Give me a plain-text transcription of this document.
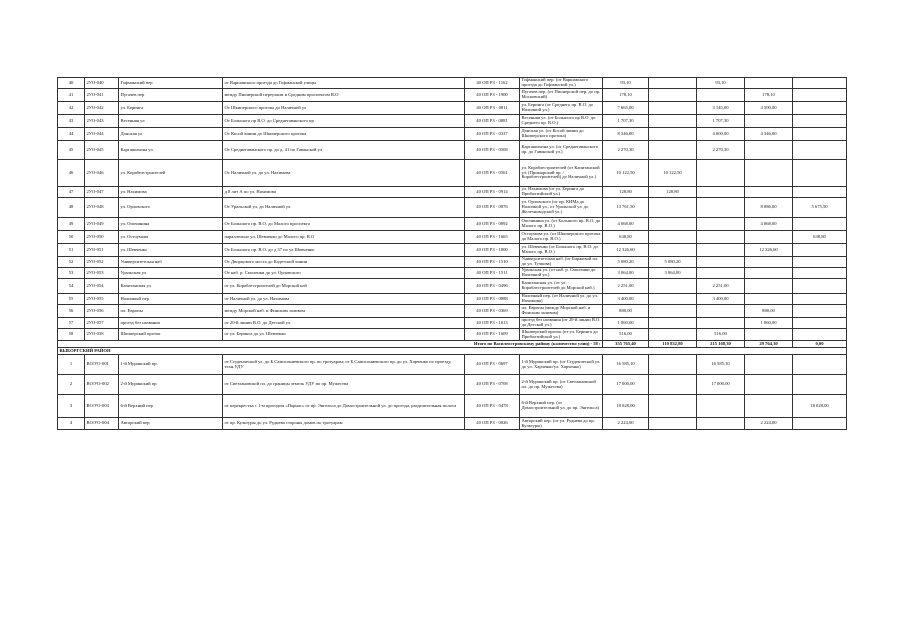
40	2УО-040	Гофманский пер	от Варшавского проезда до Гофманской улицы	40 ОП РЗ - 1162	Гофманский пер. (от Варшавского проезда до Гофманской ул.)	93,10		93,10		
41	2УО-041	Пугачев пер	между Пионерской переулком и Средним проспектом В.О	40 ОП РЗ - 1900	Пугачев пер. (от Пионерской пер. до пр. Московский)	178,10			178,10	
42	2УО-042	ул. Беринга	От Шкиперского протока до Наличной ул	40 ОП РЗ - 0811	ул. Беринга (от Среднего пр. В.О. до Наличной ул.)	7 665,00		3 145,00	4 500,00	
43	2УО-043	Весенняя ул	От Большого пр В.О. до Среднегаванского пр	40 ОП РЗ - 0881	Весенняя ул. (от Большого пр В.О. до Среднего пр. В.О.)	1 707,30		1 707,30		
44	2УО-044	Донская ул	От Косой линии до Шкиперского протока	40 ОП РЗ - 0337	Донская ул. (от Косой линии до Шкиперского протока)	8 346,00		4 000,00	4 346,00	
45	2УО-045	Карташихина ул	От Среднегаванского пр. до д. 41 по Гаванской ул	40 ОП РЗ - 0508	Карташихина ул. (от Среднегаванского пр. до Гаванской ул.)	2 270,30		2 270,30		
46	2УО-046	ул. Корабелстроителей	От Наличной ул. до ул. Нахимова	40 ОП РЗ - 0561	ул. Кораблестроителей (от Капитанской ул. (Приморский пр. / Кораблестроителей) до Наличной ул.)	10 122,50	10 122,50			
47	2УО-047	ул. Нахимова	д.8 лит А по ул. Нахимова	40 ОП РЗ - 0914	ул. Нахимова (от ул. Беринга до Прибалтийской ул.)	128,80	128,80			
48	2УО-048	ул. Орловского	От Уральской ул. до Наличной ул.	40 ОП РЗ - 0876	ул. Орловского (от пр. КИМа до Наличной ул., от Уральской ул. до Железноводской ул.)	13 761,50			8 086,00	5 675,50
49	2УО-049	ул. Опочинина	От Большого пр. В.О. до Малого проспекта	40 ОП РЗ - 0892	Опочинина ул. (от Большого пр. В.О. до Малого пр. В.О.)	4 068,00			4 068,00	
50	2УО-050	ул. Остоумова	параллельно ул. Шевченко до Малого пр. В.О	40 ОП РЗ - 1665	Остоумова ул. (от Шкиперского протока до Малого пр. В.О.)	638,80				638,80
51	2УО-051	ул. Шевченко	От Большого пр. В.О. до д 37 по ул Шевченко	40 ОП РЗ - 1000	ул. Шевченко (от Большого пр. В.О. до Малого пр. В.О.)	12 326,60			12 326,60	
52	2УО-052	Университетская наб	От Дворцового моста до Кадетской линии	40 ОП РЗ - 1510	Университетская наб. (от Биржевой пл. до ул. Тучкова)	5 080,20	5 080,20			
53	2УО-053	Уральская ул	От наб. р. Смоленки до ул. Орловского	40 ОП РЗ - 1511	Уральская ул. (от наб. р. Смоленки до Наличной ул.)	3 064,00	3 064,00			
54	2УО-054	Капитанская ул	от ул. Кораблестроителей до Морской наб	40 ОП РЗ - 0496	Капитанская ул. (от ул. Кораблестроителей до Морской наб.)	2 251,00		2 251,00		
55	2УО-055	Наличный пер	от Наличной ул. до ул. Нахимова	40 ОП РЗ - 0888	Наличный пер. (от Наличной ул. до ул. Нахимова)	3 400,00		3 400,00		
56	2УО-056	пл. Европы	между Морской наб. и Финским заливом	40 ОП РЗ - 0369	пл. Европы (между Морской наб. и Финским заливом)	880,00			880,00	
57	2УО-057	проезд без названия	от 20-й линии В.О. до Детской ул.	40 ОП РЗ - 1613	проезд без названия (от 20-й линии В.О. до Детской ул.)	1 060,00			1 060,00	
58	2УО-058	Шкиперский проток	от ул. Беринга до ул. Шевченко	40 ОП РЗ - 1609	Шкиперский проток (от ул. Беринга до Прибалтийской ул.)	516,00		516,00		
Итого по Василеостровскому району (количество улиц) - 58 :						355 765,40	110 832,80	215 168,30	29 764,30	0,00
ВЫБОРГСКИЙ РАЙОН										
1	ВО/УО-001	1-й Муринский пр.	от Студенческой ул. до Б.Сампсониевского пр. по тротуарам; от Б.Сампсониевского пр. до ул. Харченко по проезду, техн.УДУ	40 ОП РЗ - 0697	1-й Муринский пр. (от Студенческой ул. до ул. Харченко/ул. Харченко)	16 585,10		16 585,10		
2	ВО/УО-002	2-й Муринский пр	от Светлановской пл. до границы земель УДУ по пр. Мужества	40 ОП РЗ - 0708	2-й Муринский пр. (от Светлановской пл. до пр. Мужества)	17 000,00		17 000,00		
3	ВО/УО-003	6-й Верхний пер	от перекрестка с 1-м проездом «Парнас» от пр. Энгельса до Домостроительной ул. до проезда, разделительная полоса	40 ОП РЗ - 0478	6-й Верхний пер. (от Домостроительной ул. до пр. Энгельса)	18 028,00				18 028,00
4	ВО/УО-004	Авторский пер	от пр. Культуры до ул. Руднева стороны домов по тротуарам	40 ОП РЗ - 0026	Авторский пер. (от ул. Руднева до пр. Культуры)	2 224,00			2 224,00	
